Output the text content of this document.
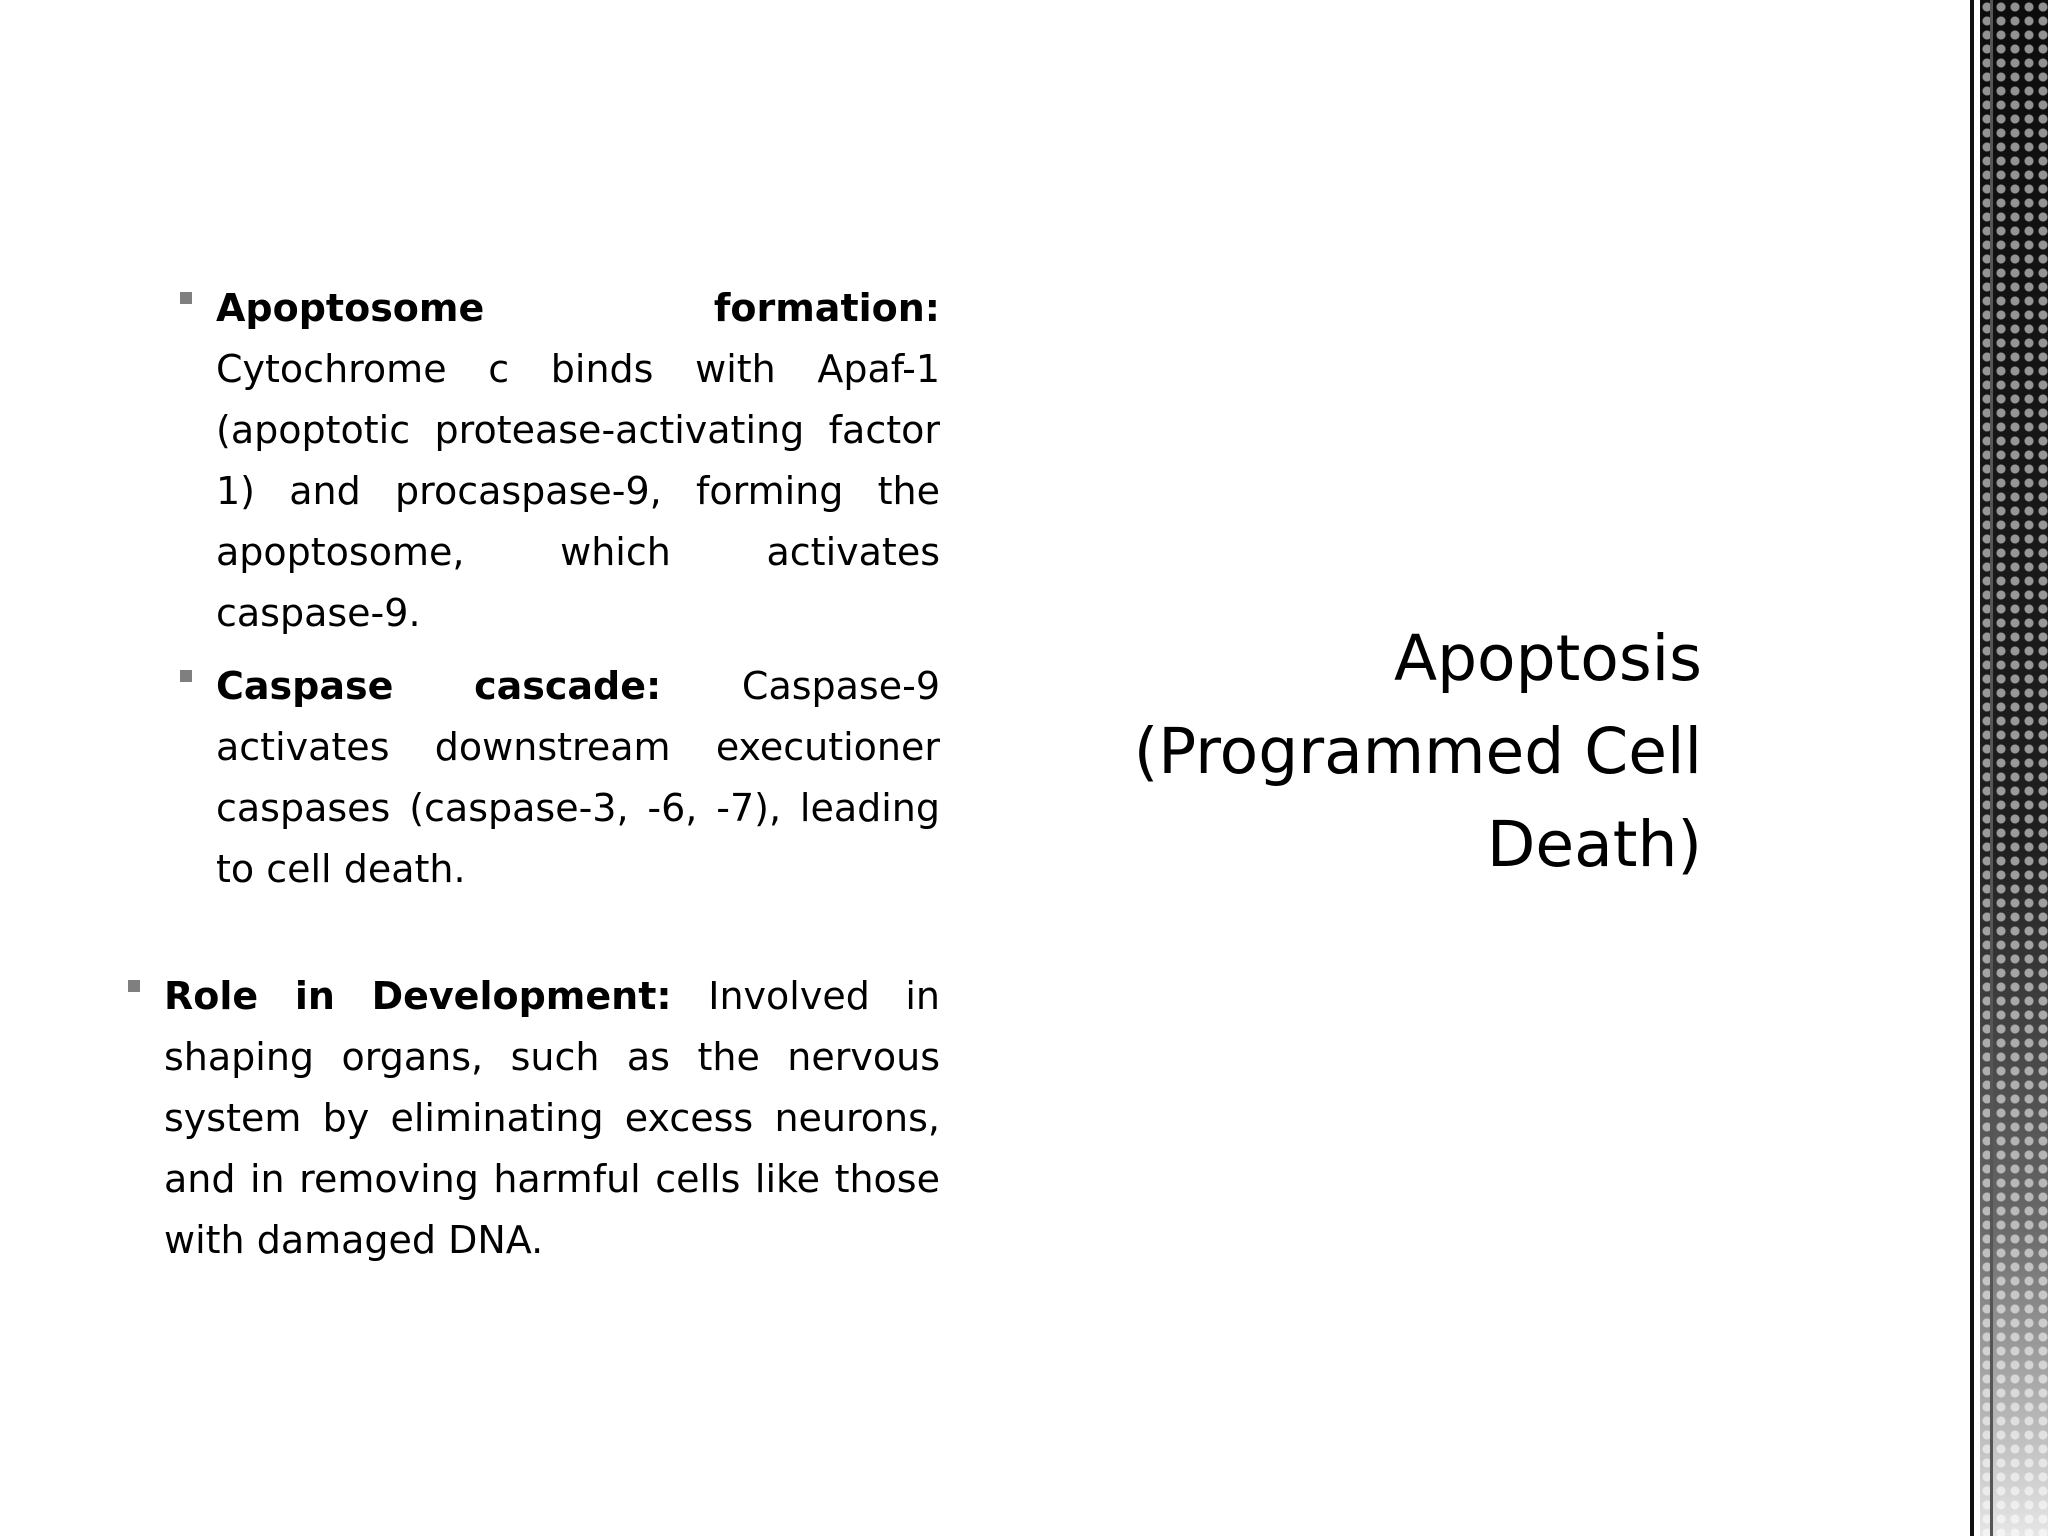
Apoptosome formation: Cytochrome c binds with Apaf-1 (apoptotic protease-activating factor 1) and procaspase-9, forming the apoptosome, which activates caspase-9.

Caspase cascade: Caspase-9 activates downstream executioner caspases (caspase-3, -6, -7), leading to cell death.

Role in Development: Involved in shaping organs, such as the nervous system by eliminating excess neurons, and in removing harmful cells like those with damaged DNA.

Apoptosis
(Programmed Cell
Death)
